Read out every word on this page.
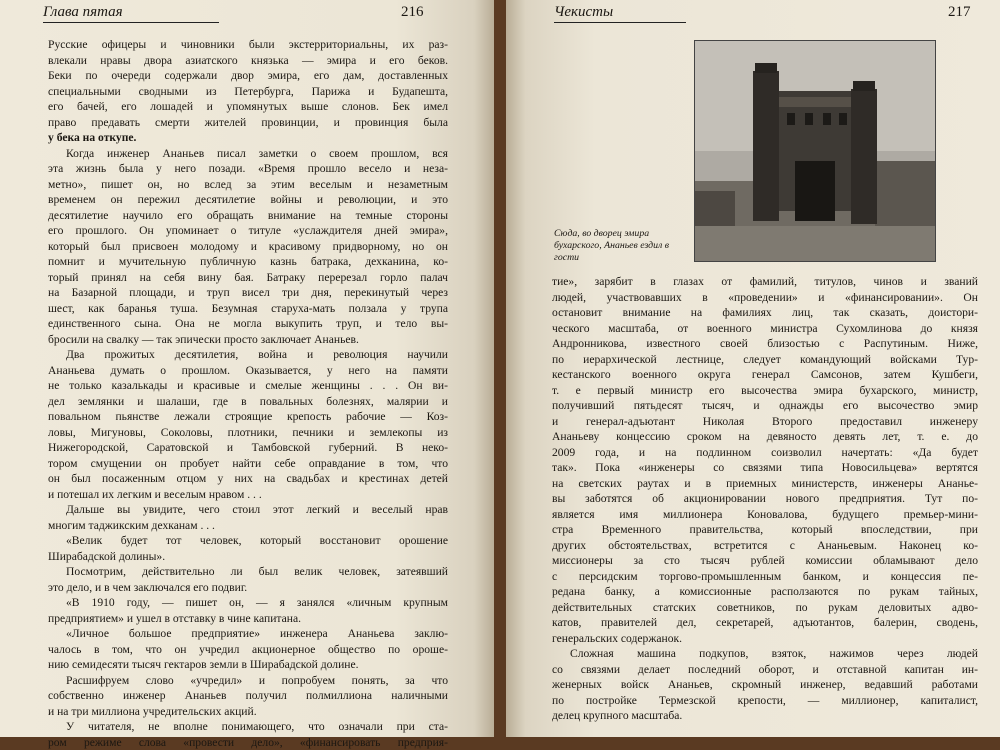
Глава пятая	216
Русские офицеры и чиновники были экстерриториальны, их раз-
влекали нравы двора азиатского князька — эмира и его беков.
Беки по очереди содержали двор эмира, его дам, доставленных
специальными сводными из Петербурга, Парижа и Будапешта,
его бачей, его лошадей и упомянутых выше слонов. Бек имел
право предавать смерти жителей провинции, и провинция была
у бека на откупе.
Когда инженер Ананьев писал заметки о своем прошлом, вся
эта жизнь была у него позади. «Время прошло весело и неза-
метно», пишет он, но вслед за этим веселым и незаметным
временем он пережил десятилетие войны и революции, и это
десятилетие научило его обращать внимание на темные стороны
его прошлого. Он упоминает о титуле «услаждителя дней эмира»,
который был присвоен молодому и красивому придворному, но он
помнит и мучительную публичную казнь батрака, дехканина, ко-
торый принял на себя вину бая. Батраку перерезал горло палач
на Базарной площади, и труп висел три дня, перекинутый через
шест, как баранья туша. Безумная старуха-мать ползала у трупа
единственного сына. Она не могла выкупить труп, и тело вы-
бросили на свалку — так эпически просто заключает Ананьев.
Два прожитых десятилетия, война и революция научили
Ананьева думать о прошлом. Оказывается, у него на памяти
не только казалькады и красивые и смелые женщины . . . Он ви-
дел землянки и шалаши, где в повальных болезнях, малярии и
повальном пьянстве лежали строящие крепость рабочие — Коз-
ловы, Мигуновы, Соколовы, плотники, печники и землекопы из
Нижегородской, Саратовской и Тамбовской губерний. В неко-
тором смущении он пробует найти себе оправдание в том, что
он был посаженным отцом у них на свадьбах и крестинах детей
и потешал их легким и веселым нравом . . .
Дальше вы увидите, чего стоил этот легкий и веселый нрав
многим таджикским дехканам . . .
«Велик будет тот человек, который восстановит орошение
Ширабадской долины».
Посмотрим, действительно ли был велик человек, затеявший
это дело, и в чем заключался его подвиг.
«В 1910 году, — пишет он, — я занялся «личным крупным
предприятием» и ушел в отставку в чине капитана.
«Личное большое предприятие» инженера Ананьева заклю-
чалось в том, что он учредил акционерное общество по ороше-
нию семидесяти тысяч гектаров земли в Ширабадской долине.
Расшифруем слово «учредил» и попробуем понять, за что
собственно инженер Ананьев получил полмиллиона наличными
и на три миллиона учредительских акций.
У читателя, не вполне понимающего, что означали при ста-
ром режиме слова «провести дело», «финансировать предприя-
Чекисты	217
Сюда, во дворец эмира бухарского, Ананьев ездил в гости
тие», зарябит в глазах от фамилий, титулов, чинов и званий
людей, участвовавших в «проведении» и «финансировании». Он
остановит внимание на фамилиях лиц, так сказать, доистори-
ческого масштаба, от военного министра Сухомлинова до князя
Андронникова, известного своей близостью с Распутиным. Ниже,
по иерархической лестнице, следует командующий войсками Тур-
кестанского военного округа генерал Самсонов, затем Кушбеги,
т. е первый министр его высочества эмира бухарского, министр,
получивший пятьдесят тысяч, и однажды его высочество эмир
и генерал-адъютант Николая Второго предоставил инженеру
Ананьеву концессию сроком на девяносто девять лет, т. е. до
2009 года, и на подлинном соизволил начертать: «Да будет
так». Пока «инженеры со связями типа Новосильцева» вертятся
на светских раутах и в приемных министерств, инженеры Ананье-
вы заботятся об акционировании нового предприятия. Тут по-
является имя миллионера Коновалова, будущего премьер-мини-
стра Временного правительства, который впоследствии, при
других обстоятельствах, встретится с Ананьевым. Наконец ко-
миссионеры за сто тысяч рублей комиссии обламывают дело
с персидским торгово-промышленным банком, и концессия пе-
редана банку, а комиссионные расползаются по рукам тайных,
действительных статских советников, по рукам деловитых адво-
катов, правителей дел, секретарей, адъютантов, балерин, сводень,
генеральских содержанок.
Сложная машина подкупов, взяток, нажимов через людей
со связями делает последний оборот, и отставной капитан ин-
женерных войск Ананьев, скромный инженер, ведавший работами
по постройке Термезской крепости, — миллионер, капиталист,
делец крупного масштаба.
